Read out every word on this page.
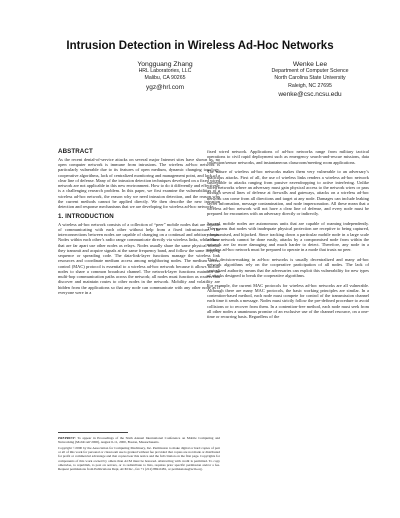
Intrusion Detection in Wireless Ad-Hoc Networks
Yongguang Zhang
HRL Laboratories, LLC
Malibu, CA 90265
ygz@hrl.com
Wenke Lee
Department of Computer Science
North Carolina State University
Raleigh, NC 27695
wenke@csc.ncsu.edu
ABSTRACT

As the recent denial-of-service attacks on several major Internet sites have shown us, no open computer network is immune from intrusions. The wireless ad-hoc network is particularly vulnerable due to its features of open medium, dynamic changing topology, cooperative algorithms, lack of centralized monitoring and management point, and lack of a clear line of defense. Many of the intrusion detection techniques developed on a fixed wired network are not applicable in this new environment. How to do it differently and effectively is a challenging research problem. In this paper, we first examine the vulnerabilities of a wireless ad-hoc network, the reason why we need intrusion detection, and the reason why the current methods cannot be applied directly. We then describe the new intrusion detection and response mechanisms that we are developing for wireless ad-hoc networks.

1. INTRODUCTION

A wireless ad-hoc network consists of a collection of “peer” mobile nodes that are capable of communicating with each other without help from a fixed infrastructure. The interconnections between nodes are capable of changing on a continual and arbitrary basis. Nodes within each other’s radio range communicate directly via wireless links, while those that are far apart use other nodes as relays. Nodes usually share the same physical media; they transmit and acquire signals at the same frequency band, and follow the same hopping sequence or spreading code. The data-link-layer functions manage the wireless link resources and coordinate medium access among neighboring nodes. The medium access control (MAC) protocol is essential to a wireless ad-hoc network because it allows mobile nodes to share a common broadcast channel. The network-layer functions maintain the multi-hop communication paths across the network; all nodes must function as routers that discover and maintain routes to other nodes in the network. Mobility and volatility are hidden from the applications so that any node can communicate with any other node as if everyone were in a

PREPRINT: To appear in Proceedings of the Sixth Annual International Conference on Mobile Computing and Networking (MobiCom’2000), August 6-11, 2000, Boston, Massachusetts.

Copyright ©2000 by the Association for Computing Machinery, Inc. Permission to make digital or hard copies of part or all of this work for personal or classroom use is granted without fee provided that copies are not made or distributed for profit or commercial advantage and that copies bear this notice and the full citation on the first page. Copyrights for components of this work owned by others than ACM must be honored. Abstracting with credit is permitted. To copy otherwise, to republish, to post on servers, or to redistribute to lists, requires prior specific permission and/or a fee. Request permissions from Publications Dept, ACM Inc., fax +1 (212) 869-0481, or permissions@acm.org.

fixed wired network. Applications of ad-hoc networks range from military tactical operations to civil rapid deployment such as emergency search-and-rescue missions, data collection/sensor networks, and instantaneous classroom/meeting room applications.

The nature of wireless ad-hoc networks makes them very vulnerable to an adversary’s malicious attacks. First of all, the use of wireless links renders a wireless ad-hoc network susceptible to attacks ranging from passive eavesdropping to active interfering. Unlike wired networks where an adversary must gain physical access to the network wires or pass through several lines of defense at firewalls and gateways, attacks on a wireless ad-hoc network can come from all directions and target at any node. Damages can include leaking secret information, message contamination, and node impersonation. All these mean that a wireless ad-hoc network will not have a clear line of defense, and every node must be prepared for encounters with an adversary directly or indirectly.

Second, mobile nodes are autonomous units that are capable of roaming independently. This means that nodes with inadequate physical protection are receptive to being captured, compromised, and hijacked. Since tracking down a particular mobile node in a large scale ad-hoc network cannot be done easily, attacks by a compromised node from within the network are far more damaging and much harder to detect. Therefore, any node in a wireless ad-hoc network must be prepared to operate in a mode that trusts no peer.

Third, decision-making in ad-hoc networks is usually decentralized and many ad-hoc network algorithms rely on the cooperative participation of all nodes. The lack of centralized authority means that the adversaries can exploit this vulnerability for new types of attacks designed to break the cooperative algorithms.

For example, the current MAC protocols for wireless ad-hoc networks are all vulnerable. Although there are many MAC protocols, the basic working principles are similar. In a contention-based method, each node must compete for control of the transmission channel each time it sends a message. Nodes must strictly follow the pre-defined procedure to avoid collisions or to recover from them. In a contention-free method, each node must seek from all other nodes a unanimous promise of an exclusive use of the channel resource, on a one-time or recurring basis. Regardless of the
